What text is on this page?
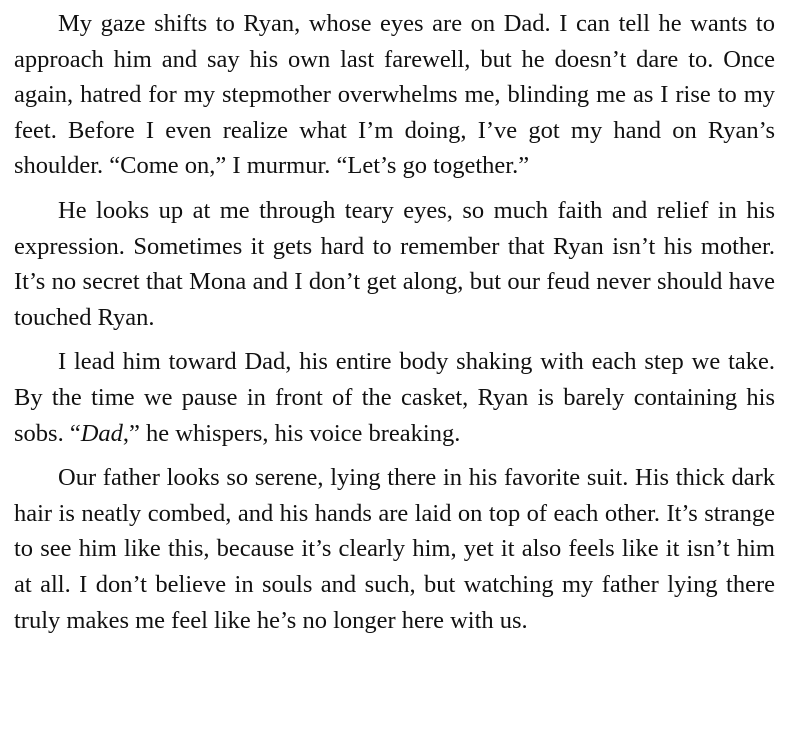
My gaze shifts to Ryan, whose eyes are on Dad. I can tell he wants to approach him and say his own last farewell, but he doesn’t dare to. Once again, hatred for my stepmother overwhelms me, blinding me as I rise to my feet. Before I even realize what I’m doing, I’ve got my hand on Ryan’s shoulder. “Come on,” I murmur. “Let’s go together.”

He looks up at me through teary eyes, so much faith and relief in his expression. Sometimes it gets hard to remember that Ryan isn’t his mother. It’s no secret that Mona and I don’t get along, but our feud never should have touched Ryan.

I lead him toward Dad, his entire body shaking with each step we take. By the time we pause in front of the casket, Ryan is barely containing his sobs. “Dad,” he whispers, his voice breaking.

Our father looks so serene, lying there in his favorite suit. His thick dark hair is neatly combed, and his hands are laid on top of each other. It’s strange to see him like this, because it’s clearly him, yet it also feels like it isn’t him at all. I don’t believe in souls and such, but watching my father lying there truly makes me feel like he’s no longer here with us.
